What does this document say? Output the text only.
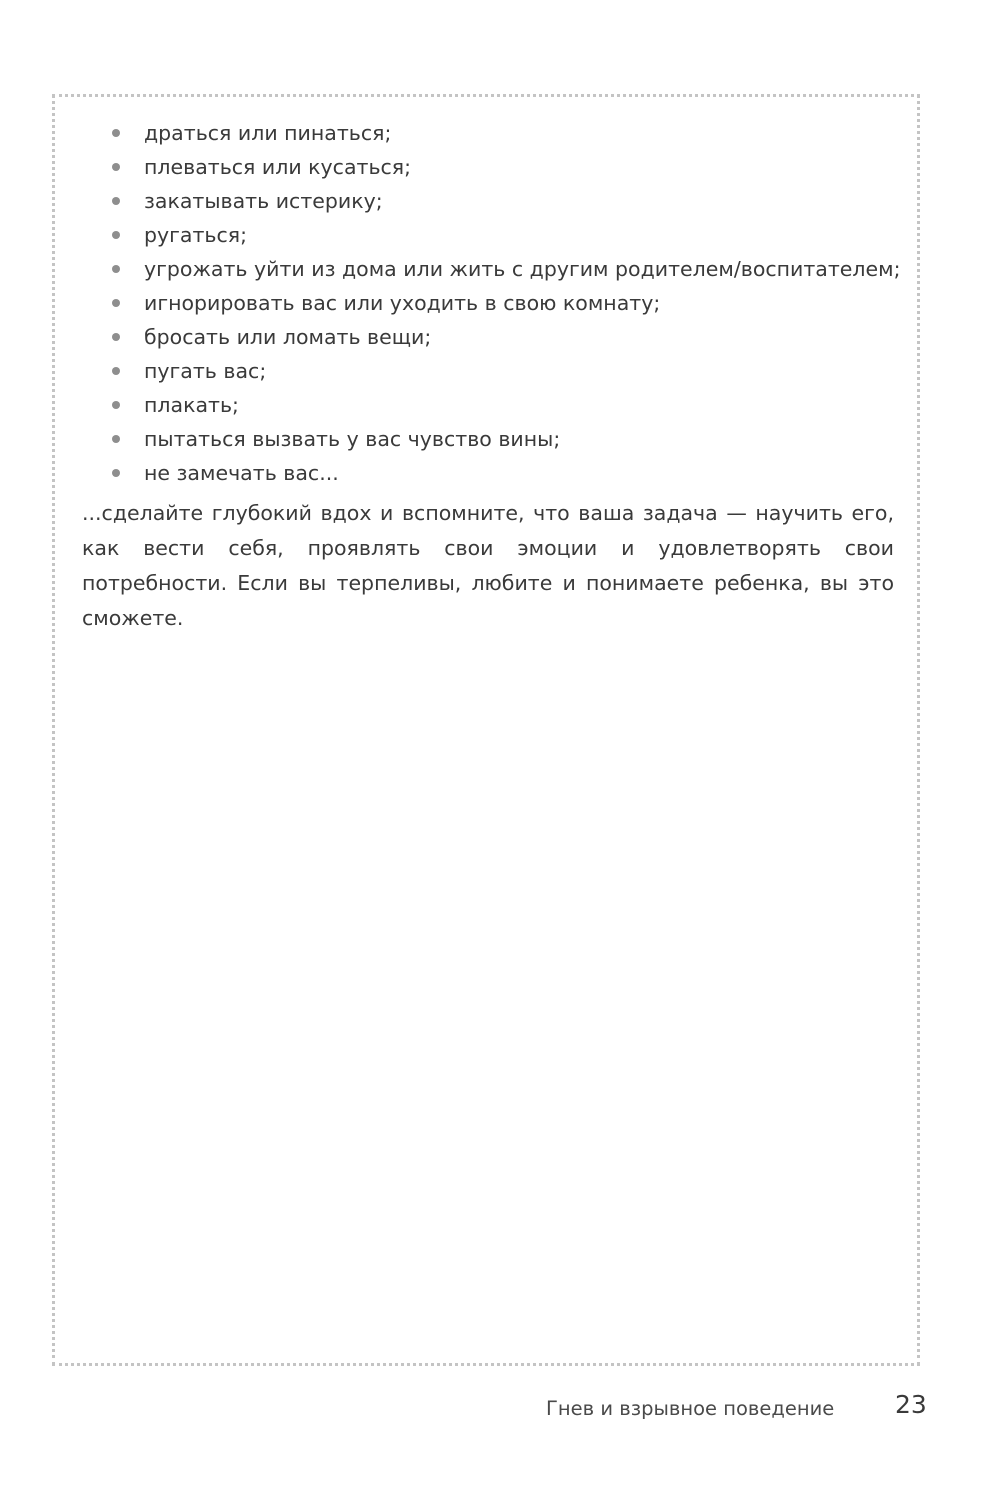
драться или пинаться;
плеваться или кусаться;
закатывать истерику;
ругаться;
угрожать уйти из дома или жить с другим родителем/воспитателем;
игнорировать вас или уходить в свою комнату;
бросать или ломать вещи;
пугать вас;
плакать;
пытаться вызвать у вас чувство вины;
не замечать вас...

...сделайте глубокий вдох и вспомните, что ваша задача — научить его, как вести себя, проявлять свои эмоции и удовлетворять свои потребности. Если вы терпеливы, любите и понимаете ребенка, вы это сможете.

Гнев и взрывное поведение 23
